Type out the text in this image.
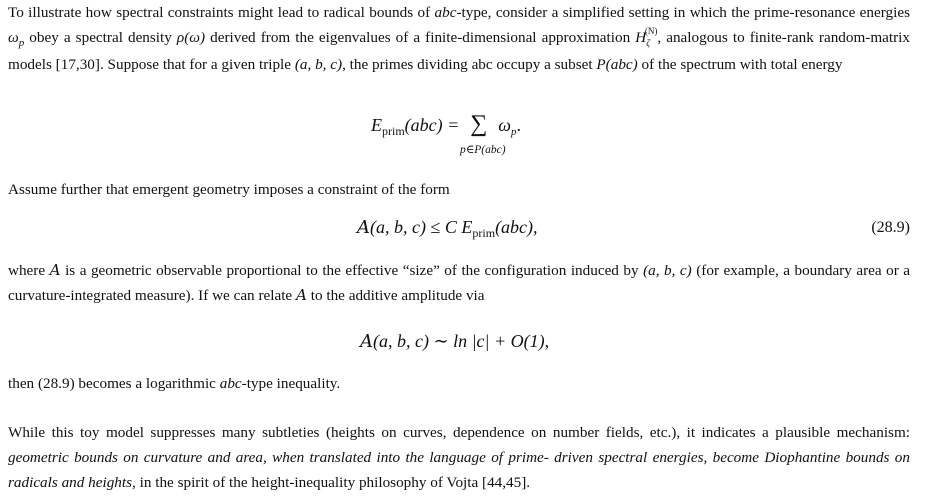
To illustrate how spectral constraints might lead to radical bounds of abc-type, consider a simplified setting in which the prime-resonance energies $\omega_p$ obey a spectral density ρ(ω) derived from the eigenvalues of a finite-dimensional approximation $H_\zeta^{(N)}$, analogous to finite-rank random-matrix models [17,30]. Suppose that for a given triple (a, b, c), the primes dividing abc occupy a subset P(abc) of the spectrum with total energy
$E_{prim}(abc)$ = ∑
p∈P(abc)
$\omega_p$.
Assume further that emergent geometry imposes a constraint of the form
A(a, b, c) ≤ C $E_{prim}(abc)$,	(28.9)
where A is a geometric observable proportional to the effective “size” of the configuration induced by (a, b, c) (for example, a boundary area or a curvature-integrated measure). If we can relate A to the additive amplitude via
A(a, b, c) ∼ ln |c| + O(1),
then (28.9) becomes a logarithmic abc-type inequality.
While this toy model suppresses many subtleties (heights on curves, dependence on number fields, etc.), it indicates a plausible mechanism: geometric bounds on curvature and area, when translated into the language of prime- driven spectral energies, become Diophantine bounds on radicals and heights, in the spirit of the height-inequality philosophy of Vojta [44,45].
